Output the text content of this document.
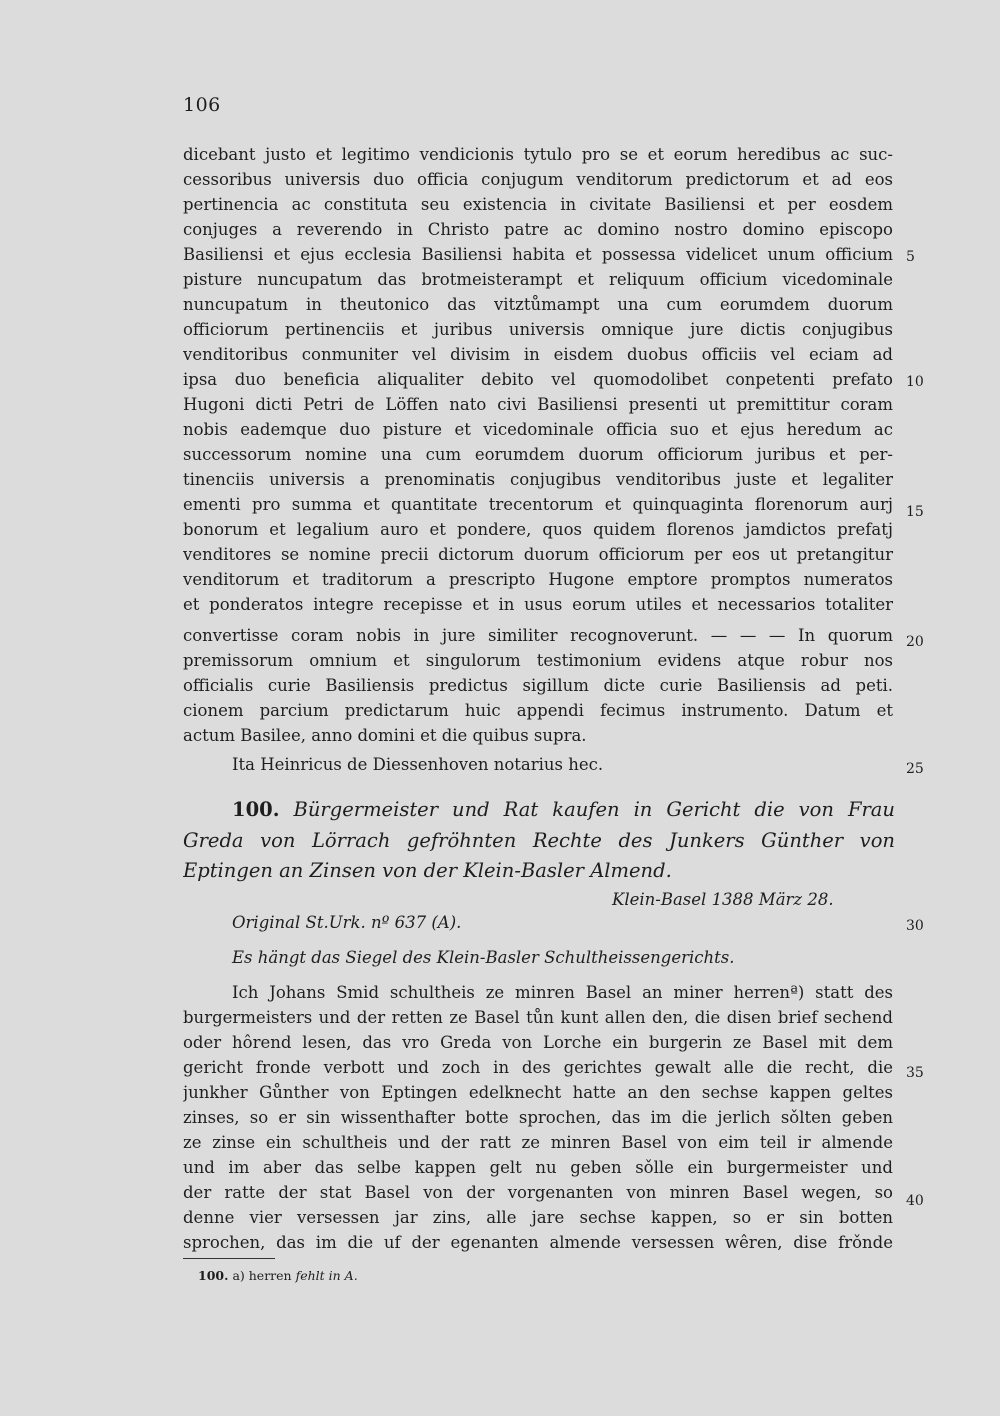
106
dicebant justo et legitimo vendicionis tytulo pro se et eorum heredibus ac suc-
cessoribus universis duo officia conjugum venditorum predictorum et ad eos
pertinencia ac constituta seu existencia in civitate Basiliensi et per eosdem
conjuges a reverendo in Christo patre ac domino nostro domino episcopo
Basiliensi et ejus ecclesia Basiliensi habita et possessa videlicet unum officium
pisture nuncupatum das brotmeisterampt et reliquum officium vicedominale
nuncupatum in theutonico das vitztůmampt una cum eorumdem duorum
officiorum pertinenciis et juribus universis omnique jure dictis conjugibus
venditoribus conmuniter vel divisim in eisdem duobus officiis vel eciam ad
ipsa duo beneficia aliqualiter debito vel quomodolibet conpetenti prefato
Hugoni dicti Petri de Löffen nato civi Basiliensi presenti ut premittitur coram
nobis eademque duo pisture et vicedominale officia suo et ejus heredum ac
successorum nomine una cum eorumdem duorum officiorum juribus et per-
tinenciis universis a prenominatis conjugibus venditoribus juste et legaliter
ementi pro summa et quantitate trecentorum et quinquaginta florenorum aurj
bonorum et legalium auro et pondere, quos quidem florenos jamdictos prefatj
venditores se nomine precii dictorum duorum officiorum per eos ut pretangitur
venditorum et traditorum a prescripto Hugone emptore promptos numeratos
et ponderatos integre recepisse et in usus eorum utiles et necessarios totaliter
convertisse coram nobis in jure similiter recognoverunt. — — — In quorum
premissorum omnium et singulorum testimonium evidens atque robur nos
officialis curie Basiliensis predictus sigillum dicte curie Basiliensis ad peti.
cionem parcium predictarum huic appendi fecimus instrumento. Datum et
actum Basilee, anno domini et die quibus supra.
Ita Heinricus de Diessenhoven notarius hec.
5
10
15
20
25
100. Bürgermeister und Rat kaufen in Gericht die von Frau
Greda von Lörrach gefröhnten Rechte des Junkers Günther von
Eptingen an Zinsen von der Klein-Basler Almend.
Klein-Basel 1388 März 28.
Original St.Urk. nº 637 (A).
Es hängt das Siegel des Klein-Basler Schultheissengerichts.
Ich Johans Smid schultheis ze minren Basel an miner herrenª) statt des
burgermeisters und der retten ze Basel tůn kunt allen den, die disen brief sechend
oder hôrend lesen, das vro Greda von Lorche ein burgerin ze Basel mit dem
gericht fronde verbott und zoch in des gerichtes gewalt alle die recht, die
junkher Gůnther von Eptingen edelknecht hatte an den sechse kappen geltes
zinses, so er sin wissenthafter botte sprochen, das im die jerlich sǒlten geben
ze zinse ein schultheis und der ratt ze minren Basel von eim teil ir almende
und im aber das selbe kappen gelt nu geben sǒlle ein burgermeister und
der ratte der stat Basel von der vorgenanten von minren Basel wegen, so
denne vier versessen jar zins, alle jare sechse kappen, so er sin botten
sprochen, das im die uf der egenanten almende versessen wêren, dise frǒnde
30
35
40
100. a) herren fehlt in A.
